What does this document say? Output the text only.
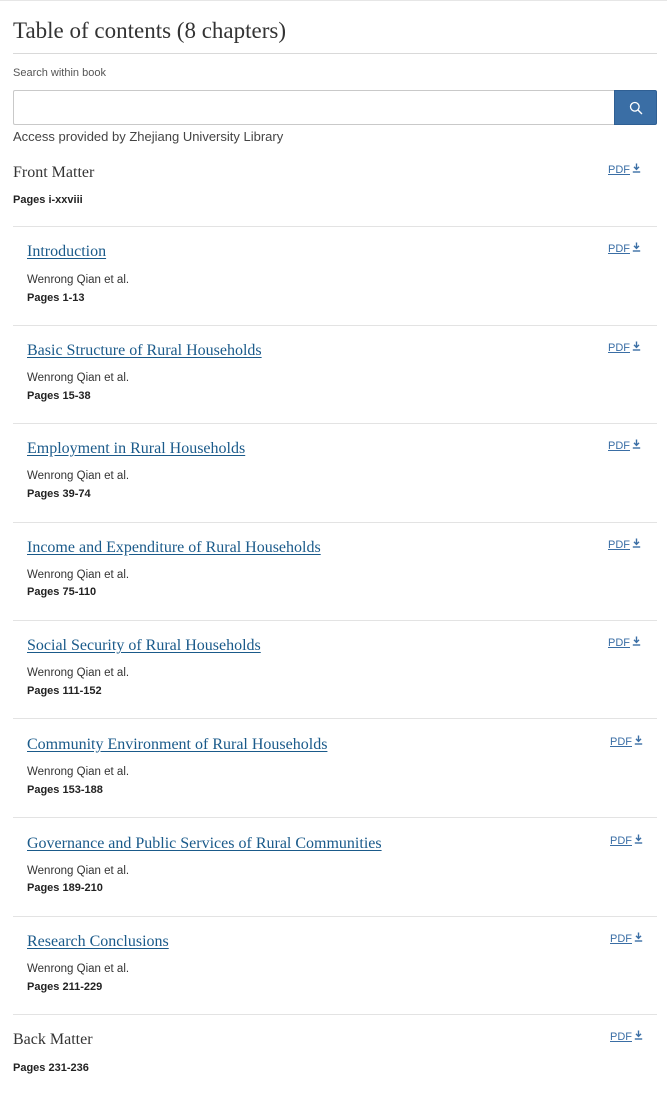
Table of contents (8 chapters)
Search within book
Access provided by Zhejiang University Library
Front Matter	PDF
Pages i-xxviii
Introduction	PDF
Wenrong Qian et al.
Pages 1-13
Basic Structure of Rural Households	PDF
Wenrong Qian et al.
Pages 15-38
Employment in Rural Households	PDF
Wenrong Qian et al.
Pages 39-74
Income and Expenditure of Rural Households	PDF
Wenrong Qian et al.
Pages 75-110
Social Security of Rural Households	PDF
Wenrong Qian et al.
Pages 111-152
Community Environment of Rural Households	PDF
Wenrong Qian et al.
Pages 153-188
Governance and Public Services of Rural Communities	PDF
Wenrong Qian et al.
Pages 189-210
Research Conclusions	PDF
Wenrong Qian et al.
Pages 211-229
Back Matter	PDF
Pages 231-236
